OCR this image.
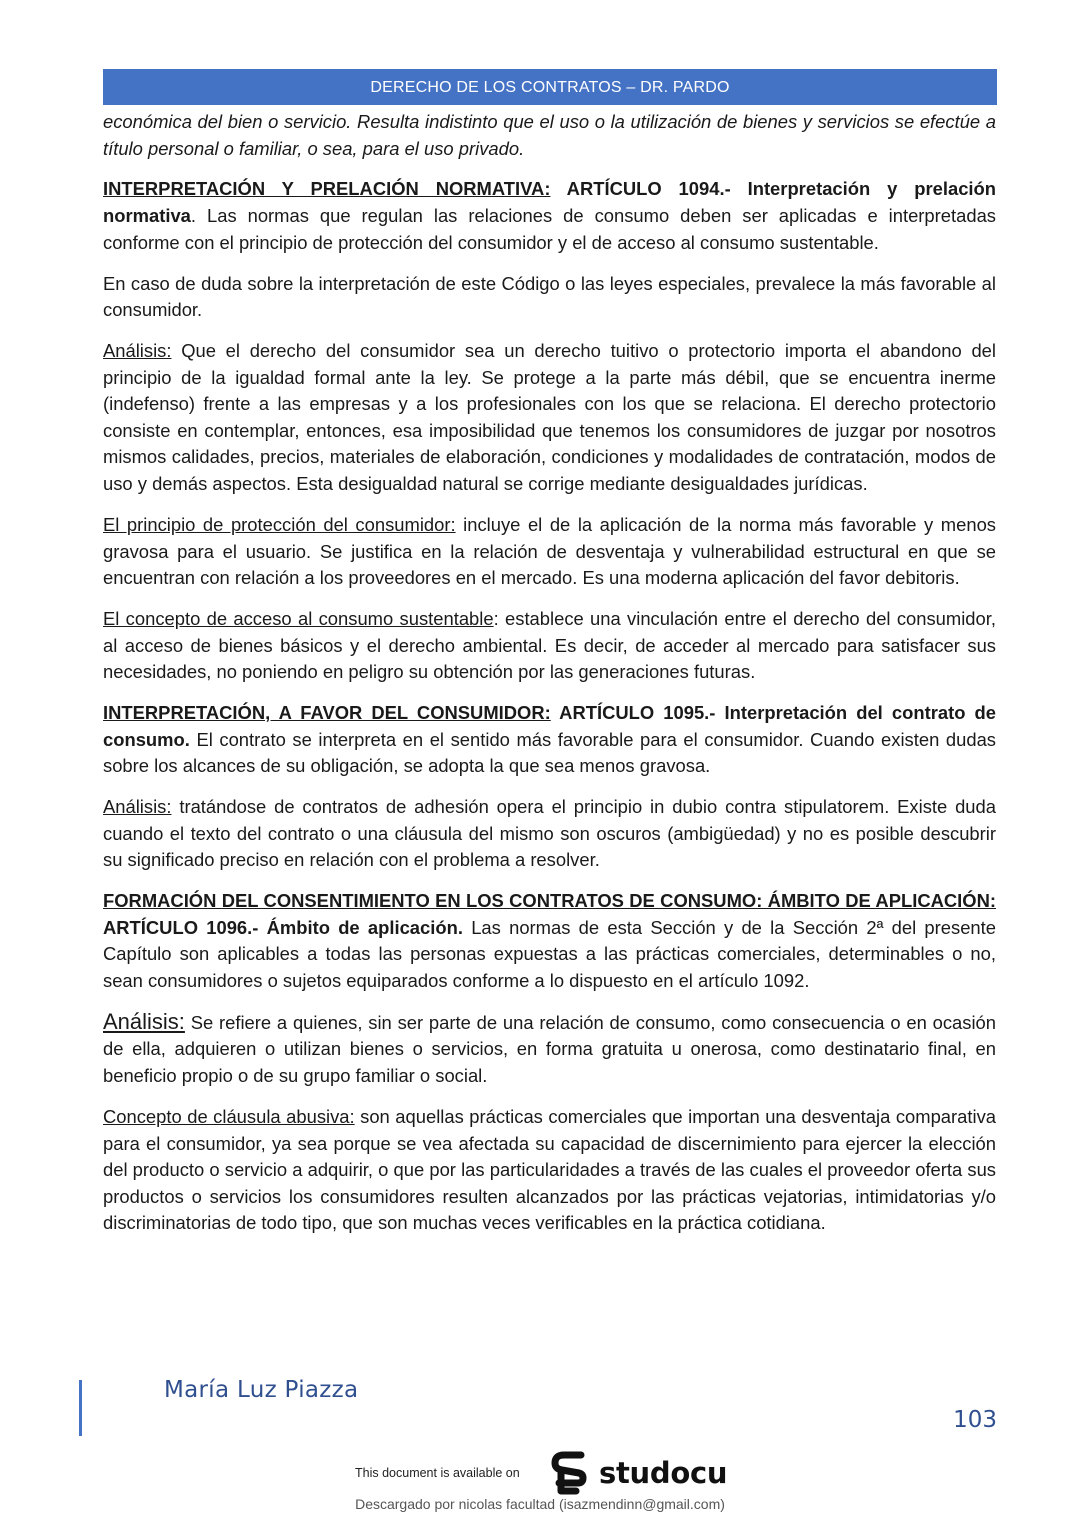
DERECHO DE LOS CONTRATOS – DR. PARDO

económica del bien o servicio. Resulta indistinto que el uso o la utilización de bienes y servicios se efectúe a título personal o familiar, o sea, para el uso privado.

INTERPRETACIÓN Y PRELACIÓN NORMATIVA: ARTÍCULO 1094.- Interpretación y prelación normativa. Las normas que regulan las relaciones de consumo deben ser aplicadas e interpretadas conforme con el principio de protección del consumidor y el de acceso al consumo sustentable.

En caso de duda sobre la interpretación de este Código o las leyes especiales, prevalece la más favorable al consumidor.

Análisis: Que el derecho del consumidor sea un derecho tuitivo o protectorio importa el abandono del principio de la igualdad formal ante la ley. Se protege a la parte más débil, que se encuentra inerme (indefenso) frente a las empresas y a los profesionales con los que se relaciona. El derecho protectorio consiste en contemplar, entonces, esa imposibilidad que tenemos los consumidores de juzgar por nosotros mismos calidades, precios, materiales de elaboración, condiciones y modalidades de contratación, modos de uso y demás aspectos. Esta desigualdad natural se corrige mediante desigualdades jurídicas.

El principio de protección del consumidor: incluye el de la aplicación de la norma más favorable y menos gravosa para el usuario. Se justifica en la relación de desventaja y vulnerabilidad estructural en que se encuentran con relación a los proveedores en el mercado. Es una moderna aplicación del favor debitoris.

El concepto de acceso al consumo sustentable: establece una vinculación entre el derecho del consumidor, al acceso de bienes básicos y el derecho ambiental. Es decir, de acceder al mercado para satisfacer sus necesidades, no poniendo en peligro su obtención por las generaciones futuras.

INTERPRETACIÓN, A FAVOR DEL CONSUMIDOR: ARTÍCULO 1095.- Interpretación del contrato de consumo. El contrato se interpreta en el sentido más favorable para el consumidor. Cuando existen dudas sobre los alcances de su obligación, se adopta la que sea menos gravosa.

Análisis: tratándose de contratos de adhesión opera el principio in dubio contra stipulatorem. Existe duda cuando el texto del contrato o una cláusula del mismo son oscuros (ambigüedad) y no es posible descubrir su significado preciso en relación con el problema a resolver.

FORMACIÓN DEL CONSENTIMIENTO EN LOS CONTRATOS DE CONSUMO: ÁMBITO DE APLICACIÓN: ARTÍCULO 1096.- Ámbito de aplicación. Las normas de esta Sección y de la Sección 2ª del presente Capítulo son aplicables a todas las personas expuestas a las prácticas comerciales, determinables o no, sean consumidores o sujetos equiparados conforme a lo dispuesto en el artículo 1092.

Análisis: Se refiere a quienes, sin ser parte de una relación de consumo, como consecuencia o en ocasión de ella, adquieren o utilizan bienes o servicios, en forma gratuita u onerosa, como destinatario final, en beneficio propio o de su grupo familiar o social.

Concepto de cláusula abusiva: son aquellas prácticas comerciales que importan una desventaja comparativa para el consumidor, ya sea porque se vea afectada su capacidad de discernimiento para ejercer la elección del producto o servicio a adquirir, o que por las particularidades a través de las cuales el proveedor oferta sus productos o servicios los consumidores resulten alcanzados por las prácticas vejatorias, intimidatorias y/o discriminatorias de todo tipo, que son muchas veces verificables en la práctica cotidiana.

María Luz Piazza
103
This document is available on	studocu
Descargado por nicolas facultad (isazmendinn@gmail.com)
